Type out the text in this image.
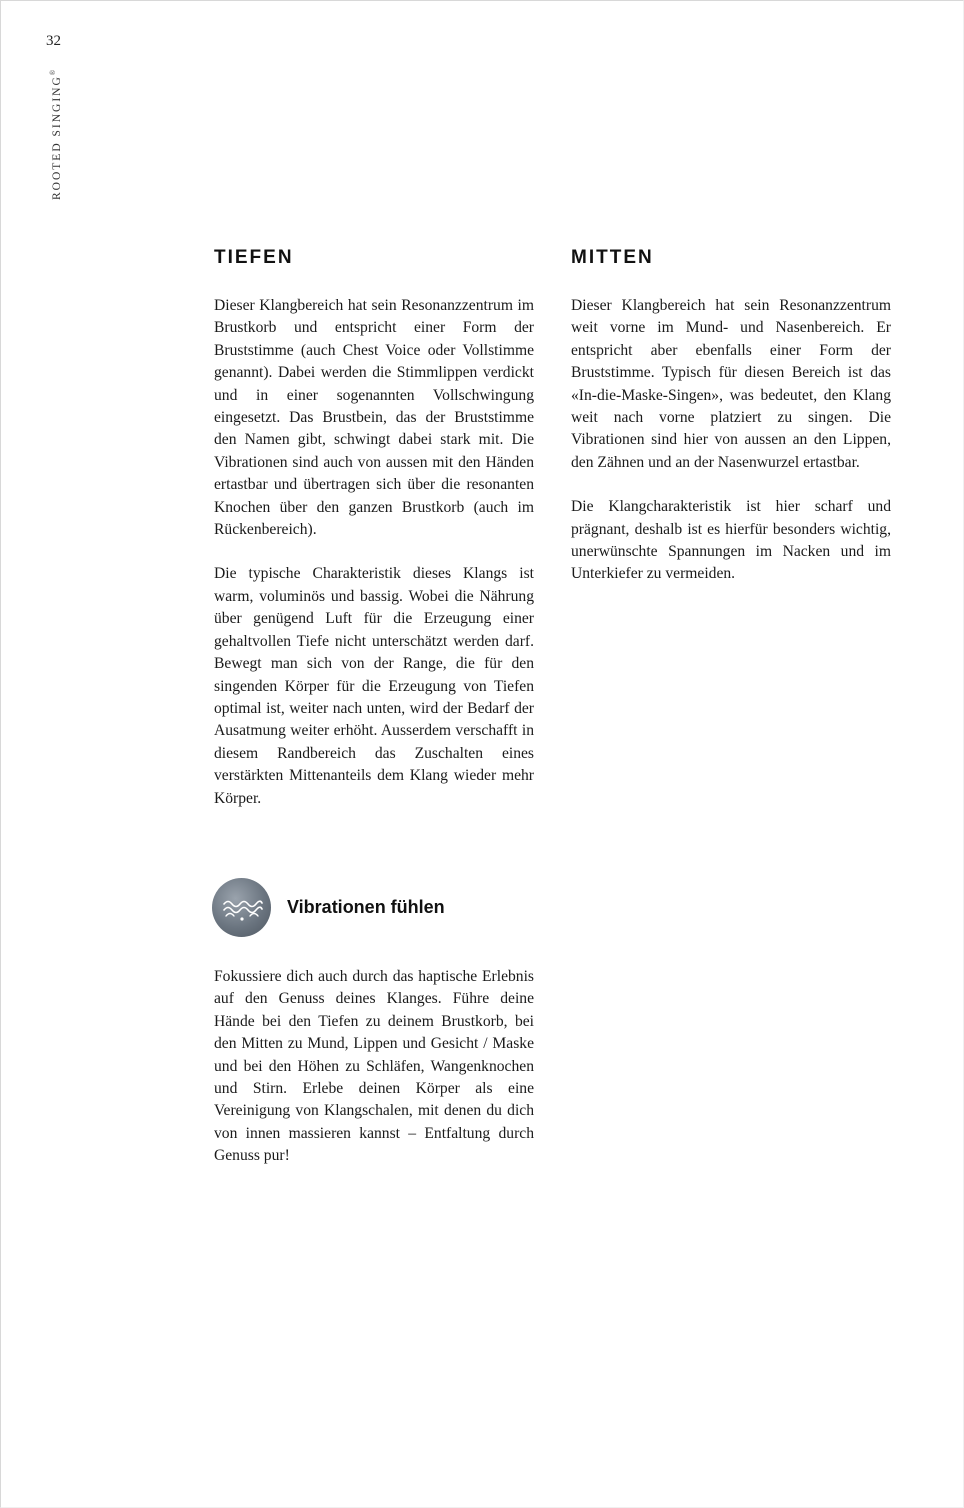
32
ROOTED SINGING®
TIEFEN

Dieser Klangbereich hat sein Resonanzzentrum im Brustkorb und entspricht einer Form der Bruststimme (auch Chest Voice oder Vollstimme genannt). Dabei werden die Stimmlippen verdickt und in einer sogenannten Vollschwingung eingesetzt. Das Brustbein, das der Bruststimme den Namen gibt, schwingt dabei stark mit. Die Vibrationen sind auch von aussen mit den Händen ertastbar und übertragen sich über die resonanten Knochen über den ganzen Brustkorb (auch im Rückenbereich).

Die typische Charakteristik dieses Klangs ist warm, voluminös und bassig. Wobei die Nährung über genügend Luft für die Erzeugung einer gehaltvollen Tiefe nicht unterschätzt werden darf. Bewegt man sich von der Range, die für den singenden Körper für die Erzeugung von Tiefen optimal ist, weiter nach unten, wird der Bedarf der Ausatmung weiter erhöht. Ausserdem verschafft in diesem Randbereich das Zuschalten eines verstärkten Mittenanteils dem Klang wieder mehr Körper.

MITTEN

Dieser Klangbereich hat sein Resonanzzentrum weit vorne im Mund- und Nasenbereich. Er entspricht aber ebenfalls einer Form der Bruststimme. Typisch für diesen Bereich ist das «In-die-Maske-Singen», was bedeutet, den Klang weit nach vorne platziert zu singen. Die Vibrationen sind hier von aussen an den Lippen, den Zähnen und an der Nasenwurzel ertastbar.

Die Klangcharakteristik ist hier scharf und prägnant, deshalb ist es hierfür besonders wichtig, unerwünschte Spannungen im Nacken und im Unterkiefer zu vermeiden.

Vibrationen fühlen

Fokussiere dich auch durch das haptische Erlebnis auf den Genuss deines Klanges. Führe deine Hände bei den Tiefen zu deinem Brustkorb, bei den Mitten zu Mund, Lippen und Gesicht / Maske und bei den Höhen zu Schläfen, Wangenknochen und Stirn. Erlebe deinen Körper als eine Vereinigung von Klangschalen, mit denen du dich von innen massieren kannst – Entfaltung durch Genuss pur!
